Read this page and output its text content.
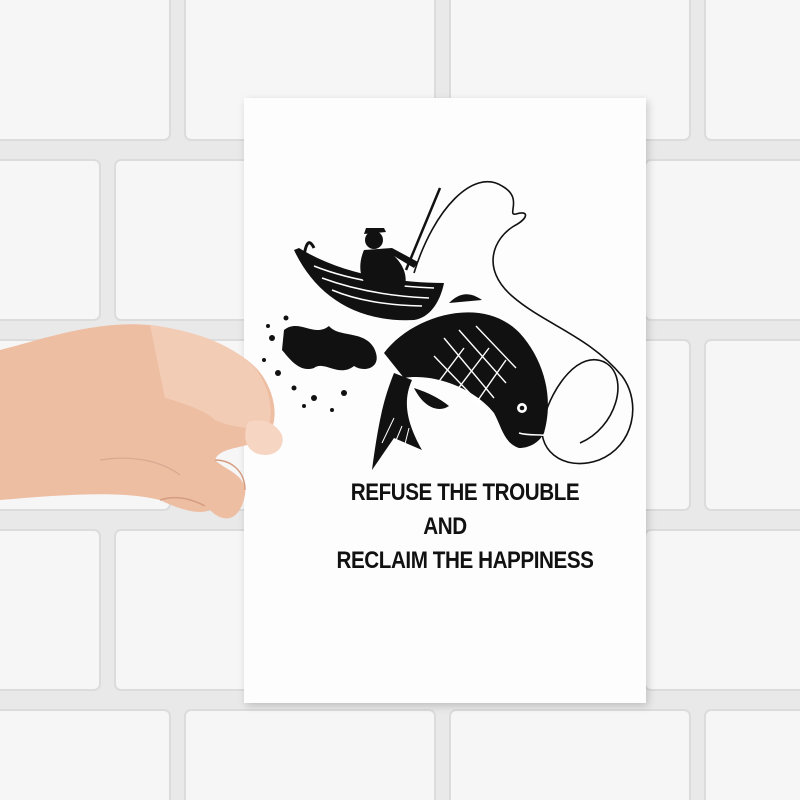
REFUSE THE TROUBLE
AND
RECLAIM THE HAPPINESS
